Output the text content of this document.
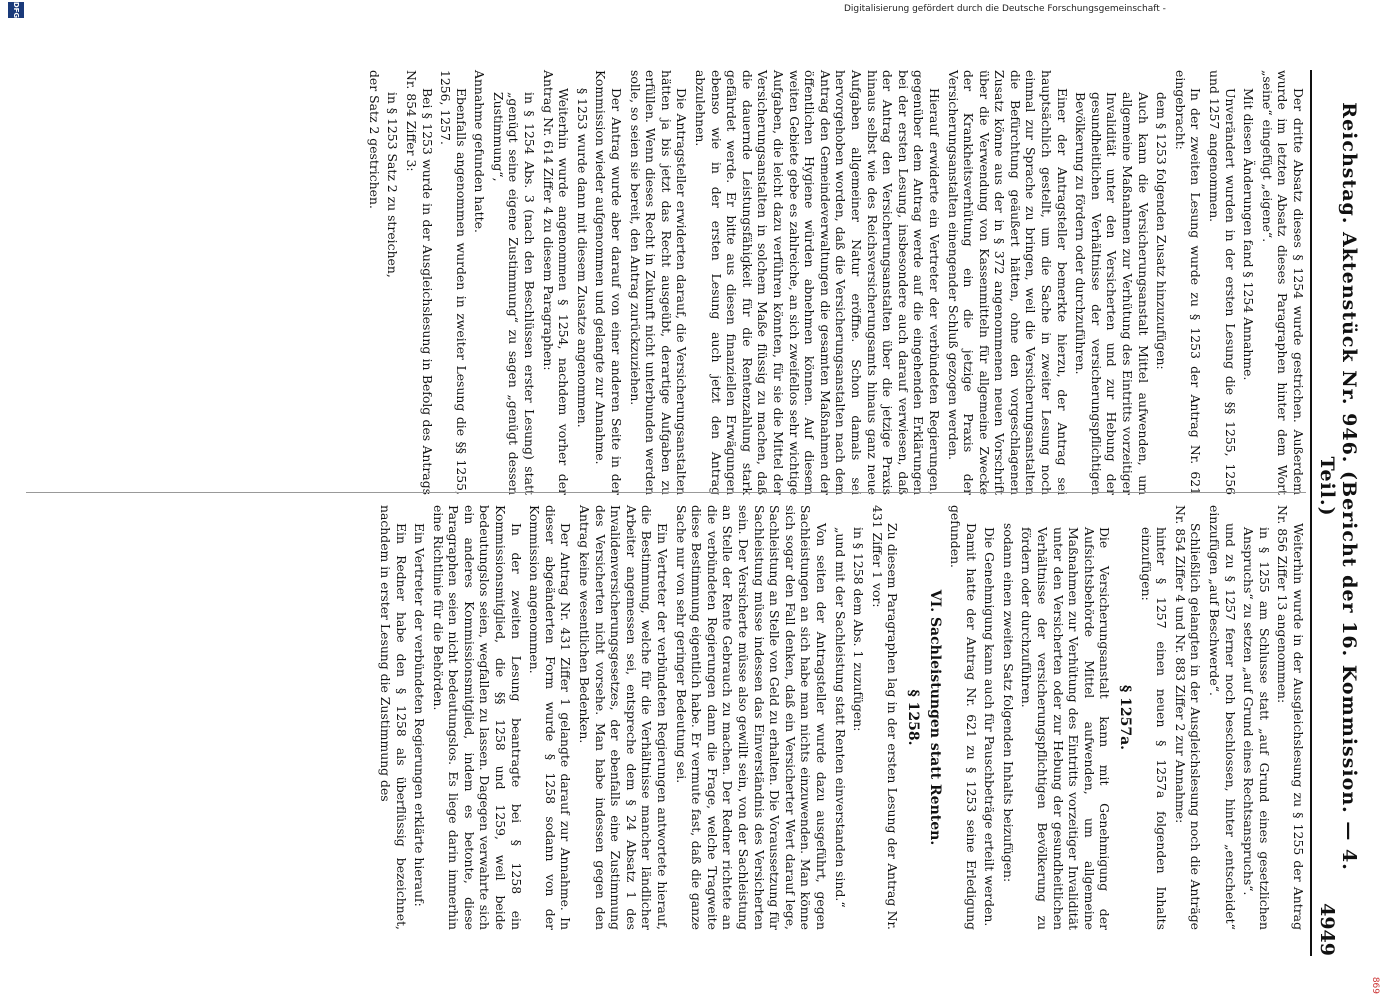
869
Reichstag. Aktenstück Nr. 946. (Bericht der 16. Kommission. — 4. Teil.)
4949

Der dritte Absatz dieses § 1254 wurde gestrichen. Außerdem wurde im letzten Absatz dieses Paragraphen hinter dem Wort „seine“ eingefügt „eigene“.

Mit diesen Änderungen fand § 1254 Annahme.

Unverändert wurden in der ersten Lesung die §§ 1255, 1256 und 1257 angenommen.

In der zweiten Lesung wurde zu § 1253 der Antrag Nr. 621 eingebracht:

dem § 1253 folgenden Zusatz hinzuzufügen:

Auch kann die Versicherungsanstalt Mittel aufwenden, um allgemeine Maßnahmen zur Verhütung des Eintritts vorzeitiger Invalidität unter den Versicherten und zur Hebung der gesundheitlichen Verhältnisse der versicherungspflichtigen Bevölkerung zu fördern oder durchzuführen.

Einer der Antragsteller bemerkte hierzu, der Antrag sei hauptsächlich gestellt, um die Sache in zweiter Lesung noch einmal zur Sprache zu bringen, weil die Versicherungsanstalten die Befürchtung geäußert hätten, ohne den vorgeschlagenen Zusatz könne aus der in § 372 angenommenen neuen Vorschrift über die Verwendung von Kassenmitteln für allgemeine Zwecke der Krankheitsverhütung ein die jetzige Praxis der Versicherungsanstalten einengender Schluß gezogen werden.

Hierauf erwiderte ein Vertreter der verbündeten Regierungen, gegenüber dem Antrag werde auf die eingehenden Erklärungen bei der ersten Lesung, insbesondere auch darauf verwiesen, daß der Antrag den Versicherungsanstalten über die jetzige Praxis hinaus selbst wie des Reichsversicherungsamts hinaus ganz neue Aufgaben allgemeiner Natur eröffne. Schon damals sei hervorgehoben worden, daß die Versicherungsanstalten nach dem Antrag den Gemeindeverwaltungen die gesamten Maßnahmen der öffentlichen Hygiene würden abnehmen können. Auf diesem weiten Gebiete gebe es zahlreiche, an sich zweifellos sehr wichtige Aufgaben, die leicht dazu verführen könnten, für sie die Mittel der Versicherungsanstalten in solchem Maße flüssig zu machen, daß die dauernde Leistungsfähigkeit für die Rentenzahlung stark gefährdet werde. Er bitte aus diesen finanziellen Erwägungen ebenso wie in der ersten Lesung auch jetzt den Antrag abzulehnen.

Die Antragsteller erwiderten darauf, die Versicherungsanstalten hätten ja bis jetzt das Recht ausgeübt, derartige Aufgaben zu erfüllen. Wenn dieses Recht in Zukunft nicht unterbunden werden solle, so seien sie bereit, den Antrag zurückzuziehen.

Der Antrag wurde aber darauf von einer anderen Seite in der Kommission wieder aufgenommen und gelangte zur Annahme.

§ 1253 wurde dann mit diesem Zusatze angenommen.

Weiterhin wurde angenommen § 1254, nachdem vorher der Antrag Nr. 614 Ziffer 4 zu diesem Paragraphen:

in § 1254 Abs. 3 (nach den Beschlüssen erster Lesung) statt „genügt seine eigene Zustimmung“ zu sagen „genügt dessen Zustimmung“,

Annahme gefunden hatte.

Ebenfalls angenommen wurden in zweiter Lesung die §§ 1255, 1256, 1257.

Bei § 1253 wurde in der Ausgleichslesung in Befolg des Antrags Nr. 854 Ziffer 3:

in § 1253 Satz 2 zu streichen,

der Satz 2 gestrichen.

Weiterhin wurde in der Ausgleichslesung zu § 1255 der Antrag Nr. 856 Ziffer 13 angenommen:

in § 1255 am Schlusse statt „auf Grund eines gesetzlichen Anspruchs“ zu setzen „auf Grund eines Rechtsanspruchs“.

und zu § 1257 ferner noch beschlossen, hinter „entscheidet“ einzufügen „auf Beschwerde“.

Schließlich gelangten in der Ausgleichslesung noch die Anträge Nr. 854 Ziffer 4 und Nr. 883 Ziffer 2 zur Annahme:

hinter § 1257 einen neuen § 1257a folgenden Inhalts einzufügen:

§ 1257a.

Die Versicherungsanstalt kann mit Genehmigung der Aufsichtsbehörde Mittel aufwenden, um allgemeine Maßnahmen zur Verhütung des Eintritts vorzeitiger Invalidität unter den Versicherten oder zur Hebung der gesundheitlichen Verhältnisse der versicherungspflichtigen Bevölkerung zu fördern oder durchzuführen.

sodann einen zweiten Satz folgenden Inhalts beizufügen:

Die Genehmigung kann auch für Pauschbeträge erteilt werden.

Damit hatte der Antrag Nr. 621 zu § 1253 seine Erledigung gefunden.

VI. Sachleistungen statt Renten.

§ 1258.

Zu diesem Paragraphen lag in der ersten Lesung der Antrag Nr. 431 Ziffer 1 vor:

in § 1258 dem Abs. 1 zuzufügen:

„und mit der Sachleistung statt Renten einverstanden sind.“

Von seiten der Antragsteller wurde dazu ausgeführt, gegen Sachleistungen an sich habe man nichts einzuwenden. Man könne sich sogar den Fall denken, daß ein Versicherter Wert darauf lege, Sachleistung an Stelle von Geld zu erhalten. Die Voraussetzung für Sachleistung müsse indessen das Einverständnis des Versicherten sein. Der Versicherte müsse also gewillt sein, von der Sachleistung an Stelle der Rente Gebrauch zu machen. Der Redner richtete an die verbündeten Regierungen dann die Frage, welche Tragweite diese Bestimmung eigentlich habe. Er vermute fast, daß die ganze Sache nur von sehr geringer Bedeutung sei.

Ein Vertreter der verbündeten Regierungen antwortete hierauf, die Bestimmung, welche für die Verhältnisse mancher ländlicher Arbeiter angemessen sei, entspreche dem § 24 Absatz 1 des Invalidenversicherungsgesetzes, der ebenfalls eine Zustimmung des Versicherten nicht vorsehe. Man habe indessen gegen den Antrag keine wesentlichen Bedenken.

Der Antrag Nr. 431 Ziffer 1 gelangte darauf zur Annahme. In dieser abgeänderten Form wurde § 1258 sodann von der Kommission angenommen.

In der zweiten Lesung beantragte bei § 1258 ein Kommissionsmitglied, die §§ 1258 und 1259, weil beide bedeutungslos seien, wegfallen zu lassen. Dagegen verwahrte sich ein anderes Kommissionsmitglied, indem es betonte, diese Paragraphen seien nicht bedeutungslos. Es liege darin immerhin eine Richtlinie für die Behörden.

Ein Vertreter der verbündeten Regierungen erklärte hierauf:

Ein Redner habe den § 1258 als überflüssig bezeichnet, nachdem in erster Lesung die Zustimmung des

Digitalisierung gefördert durch die Deutsche Forschungsgemeinschaft -
DFG
